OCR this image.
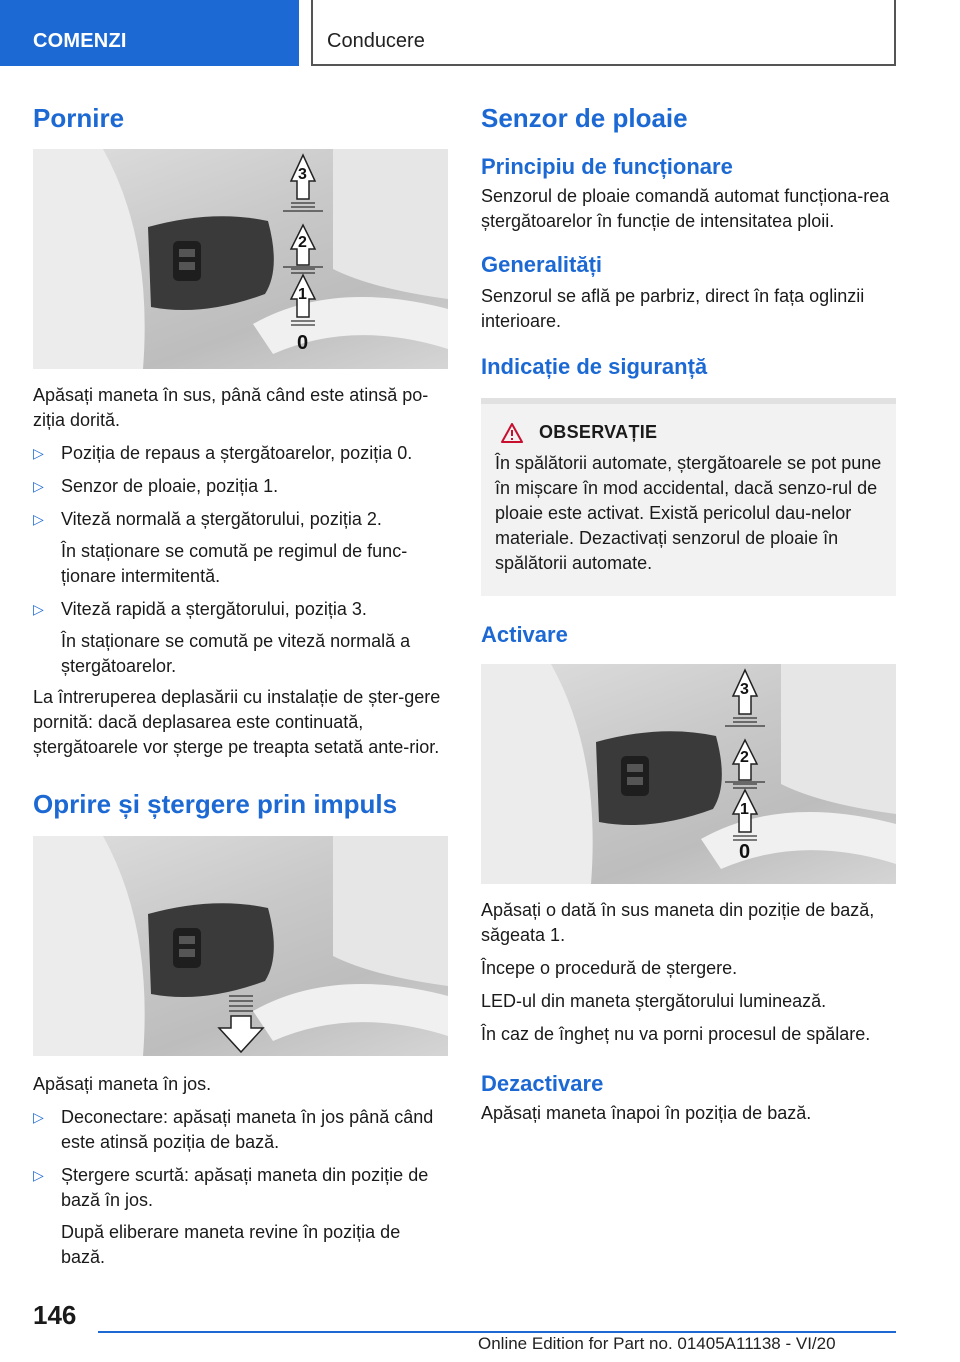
COMENZI	Conducere
Pornire
0
1
2
3

Apăsați maneta în sus, până când este atinsă po‐ziția dorită.

▷ Poziția de repaus a ștergătoarelor, poziția 0.
▷ Senzor de ploaie, poziția 1.
▷ Viteză normală a ștergătorului, poziția 2.
În staționare se comută pe regimul de func‐ționare intermitentă.
▷ Viteză rapidă a ștergătorului, poziția 3.
În staționare se comută pe viteză normală a ștergătoarelor.

La întreruperea deplasării cu instalație de șter‐gere pornită: dacă deplasarea este continuată, ștergătoarele vor șterge pe treapta setată ante‐rior.

Oprire și ștergere prin impuls

Apăsați maneta în jos.

▷ Deconectare: apăsați maneta în jos până când este atinsă poziția de bază.
▷ Ștergere scurtă: apăsați maneta din poziție de bază în jos.
După eliberare maneta revine în poziția de bază.
Senzor de ploaie
Principiu de funcționare

Senzorul de ploaie comandă automat funcționa‐rea ștergătoarelor în funcție de intensitatea ploii.

Generalități

Senzorul se află pe parbriz, direct în fața oglinzii interioare.

Indicație de siguranță
OBSERVAȚIE

În spălătorii automate, ștergătoarele se pot pune în mișcare în mod accidental, dacă senzo‐rul de ploaie este activat. Există pericolul dau‐nelor materiale. Dezactivați senzorul de ploaie în spălătorii automate.

Activare
0
1
2
3

Apăsați o dată în sus maneta din poziție de bază, săgeata 1.

Începe o procedură de ștergere.

LED-ul din maneta ștergătorului luminează.

În caz de îngheț nu va porni procesul de spălare.

Dezactivare

Apăsați maneta înapoi în poziția de bază.

146
Online Edition for Part no. 01405A11138 - VI/20
